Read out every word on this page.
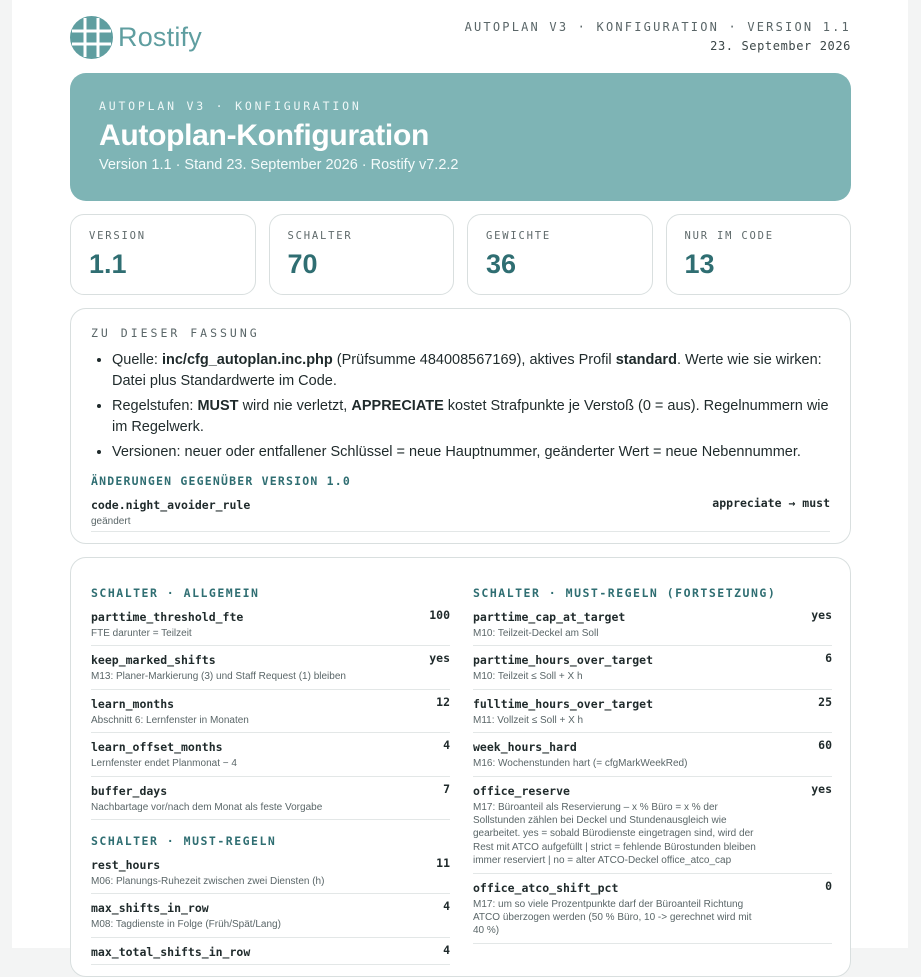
Rostify	AUTOPLAN V3 · KONFIGURATION · VERSION 1.1
23. September 2026
AUTOPLAN V3 · KONFIGURATION
Autoplan-Konfiguration
Version 1.1 · Stand 23. September 2026 · Rostify v7.2.2
VERSION
1.1
SCHALTER
70
GEWICHTE
36
NUR IM CODE
13
ZU DIESER FASSUNG
• Quelle: inc/cfg_autoplan.inc.php (Prüfsumme 484008567169), aktives Profil standard. Werte wie sie wirken: Datei plus Standardwerte im Code.
• Regelstufen: MUST wird nie verletzt, APPRECIATE kostet Strafpunkte je Verstoß (0 = aus). Regelnummern wie im Regelwerk.
• Versionen: neuer oder entfallener Schlüssel = neue Hauptnummer, geänderter Wert = neue Nebennummer.
ÄNDERUNGEN GEGENÜBER VERSION 1.0
code.night_avoider_rule
geändert
appreciate → must
SCHALTER · ALLGEMEIN
parttime_threshold_fte
FTE darunter = Teilzeit
100
keep_marked_shifts
M13: Planer-Markierung (3) und Staff Request (1) bleiben
yes
learn_months
Abschnitt 6: Lernfenster in Monaten
12
learn_offset_months
Lernfenster endet Planmonat − 4
4
buffer_days
Nachbartage vor/nach dem Monat als feste Vorgabe
7
SCHALTER · MUST-REGELN
rest_hours
M06: Planungs-Ruhezeit zwischen zwei Diensten (h)
11
max_shifts_in_row
M08: Tagdienste in Folge (Früh/Spät/Lang)
4
max_total_shifts_in_row	4
SCHALTER · MUST-REGELN (FORTSETZUNG)
parttime_cap_at_target
M10: Teilzeit-Deckel am Soll
yes
parttime_hours_over_target
M10: Teilzeit ≤ Soll + X h
6
fulltime_hours_over_target
M11: Vollzeit ≤ Soll + X h
25
week_hours_hard
M16: Wochenstunden hart (= cfgMarkWeekRed)
60
office_reserve
M17: Büroanteil als Reservierung – x % Büro = x % der Sollstunden zählen bei Deckel und Stundenausgleich wie gearbeitet. yes = sobald Bürodienste eingetragen sind, wird der Rest mit ATCO aufgefüllt | strict = fehlende Bürostunden bleiben immer reserviert | no = alter ATCO-Deckel office_atco_cap
yes
office_atco_shift_pct
M17: um so viele Prozentpunkte darf der Büroanteil Richtung ATCO überzogen werden (50 % Büro, 10 -> gerechnet wird mit 40 %)
0
